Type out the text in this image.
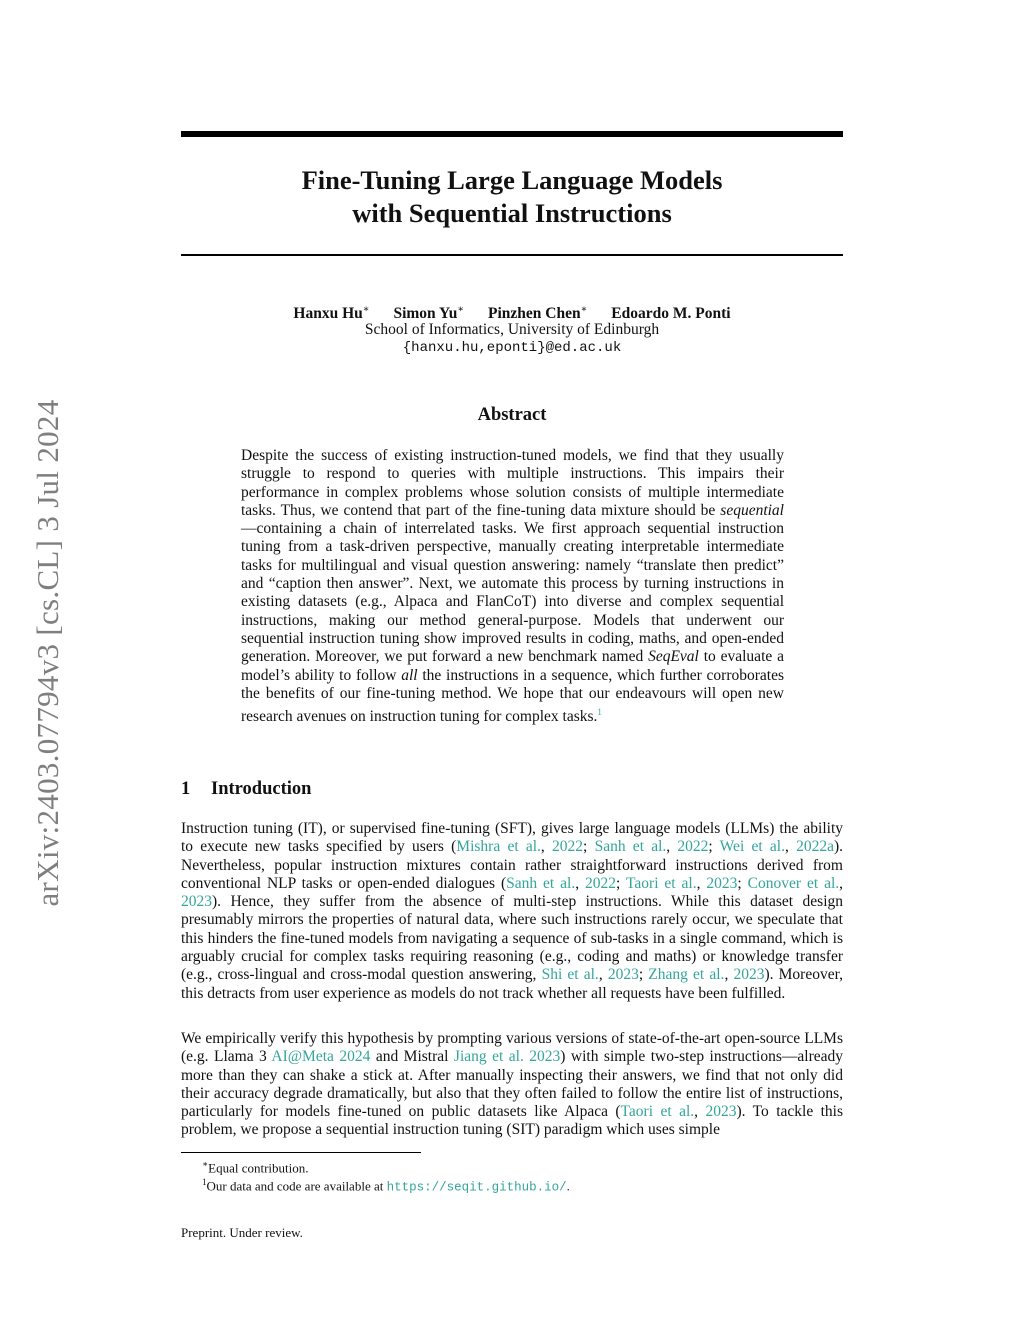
arXiv:2403.07794v3 [cs.CL] 3 Jul 2024
Fine-Tuning Large Language Models
with Sequential Instructions
Hanxu Hu∗ Simon Yu∗ Pinzhen Chen∗ Edoardo M. Ponti
School of Informatics, University of Edinburgh
{hanxu.hu,eponti}@ed.ac.uk
Abstract
Despite the success of existing instruction-tuned models, we find that they usually struggle to respond to queries with multiple instructions. This impairs their performance in complex problems whose solution consists of multiple intermediate tasks. Thus, we contend that part of the fine-tuning data mixture should be sequential—containing a chain of interrelated tasks. We first approach sequential instruction tuning from a task-driven perspective, manually creating interpretable intermediate tasks for multilingual and visual question answering: namely “translate then predict” and “caption then answer”. Next, we automate this process by turning instructions in existing datasets (e.g., Alpaca and FlanCoT) into diverse and complex sequential instructions, making our method general-purpose. Models that underwent our sequential instruction tuning show improved results in coding, maths, and open-ended generation. Moreover, we put forward a new benchmark named SeqEval to evaluate a model’s ability to follow all the instructions in a sequence, which further corroborates the benefits of our fine-tuning method. We hope that our endeavours will open new research avenues on instruction tuning for complex tasks.$^1$
1 Introduction
Instruction tuning (IT), or supervised fine-tuning (SFT), gives large language models (LLMs) the ability to execute new tasks specified by users (Mishra et al., 2022; Sanh et al., 2022; Wei et al., 2022a). Nevertheless, popular instruction mixtures contain rather straightforward instructions derived from conventional NLP tasks or open-ended dialogues (Sanh et al., 2022; Taori et al., 2023; Conover et al., 2023). Hence, they suffer from the absence of multi-step instructions. While this dataset design presumably mirrors the properties of natural data, where such instructions rarely occur, we speculate that this hinders the fine-tuned models from navigating a sequence of sub-tasks in a single command, which is arguably crucial for complex tasks requiring reasoning (e.g., coding and maths) or knowledge transfer (e.g., cross-lingual and cross-modal question answering, Shi et al., 2023; Zhang et al., 2023). Moreover, this detracts from user experience as models do not track whether all requests have been fulfilled.
We empirically verify this hypothesis by prompting various versions of state-of-the-art open-source LLMs (e.g. Llama 3 AI@Meta 2024 and Mistral Jiang et al. 2023) with simple two-step instructions—already more than they can shake a stick at. After manually inspecting their answers, we find that not only did their accuracy degrade dramatically, but also that they often failed to follow the entire list of instructions, particularly for models fine-tuned on public datasets like Alpaca (Taori et al., 2023). To tackle this problem, we propose a sequential instruction tuning (SIT) paradigm which uses simple
∗Equal contribution.
$^1$Our data and code are available at https://seqit.github.io/.
Preprint. Under review.
